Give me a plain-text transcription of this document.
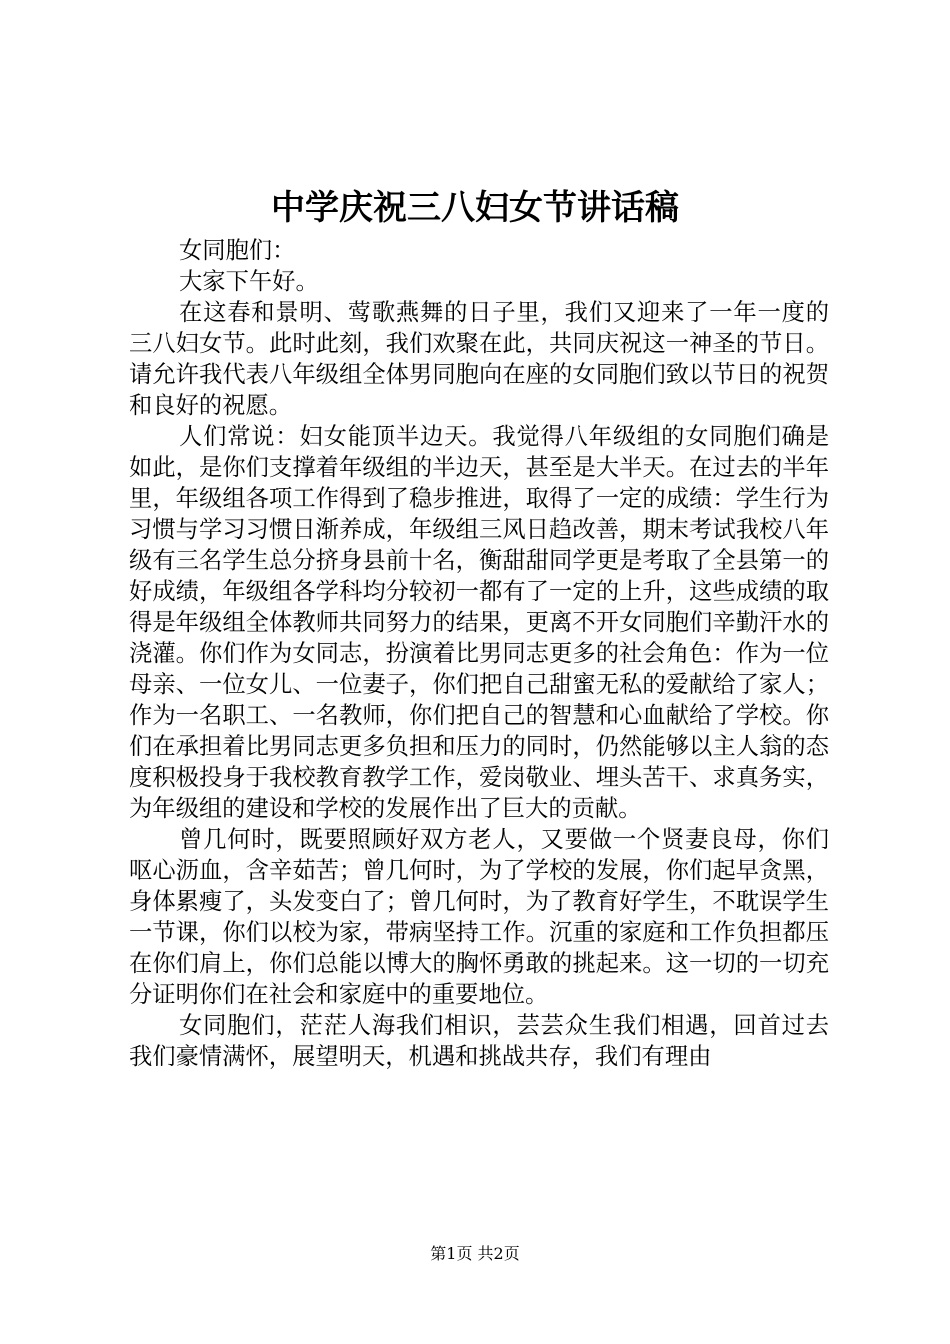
中学庆祝三八妇女节讲话稿

女同胞们：

大家下午好。

在这春和景明、莺歌燕舞的日子里，我们又迎来了一年一度的三八妇女节。此时此刻，我们欢聚在此，共同庆祝这一神圣的节日。请允许我代表八年级组全体男同胞向在座的女同胞们致以节日的祝贺和良好的祝愿。

人们常说：妇女能顶半边天。我觉得八年级组的女同胞们确是如此，是你们支撑着年级组的半边天，甚至是大半天。在过去的半年里，年级组各项工作得到了稳步推进，取得了一定的成绩：学生行为习惯与学习习惯日渐养成，年级组三风日趋改善，期末考试我校八年级有三名学生总分挤身县前十名，衡甜甜同学更是考取了全县第一的好成绩，年级组各学科均分较初一都有了一定的上升，这些成绩的取得是年级组全体教师共同努力的结果，更离不开女同胞们辛勤汗水的浇灌。你们作为女同志，扮演着比男同志更多的社会角色：作为一位母亲、一位女儿、一位妻子，你们把自己甜蜜无私的爱献给了家人；作为一名职工、一名教师，你们把自己的智慧和心血献给了学校。你们在承担着比男同志更多负担和压力的同时，仍然能够以主人翁的态度积极投身于我校教育教学工作，爱岗敬业、埋头苦干、求真务实，为年级组的建设和学校的发展作出了巨大的贡献。

曾几何时，既要照顾好双方老人，又要做一个贤妻良母，你们呕心沥血，含辛茹苦；曾几何时，为了学校的发展，你们起早贪黑，身体累瘦了，头发变白了；曾几何时，为了教育好学生，不耽误学生一节课，你们以校为家，带病坚持工作。沉重的家庭和工作负担都压在你们肩上，你们总能以博大的胸怀勇敢的挑起来。这一切的一切充分证明你们在社会和家庭中的重要地位。

女同胞们，茫茫人海我们相识，芸芸众生我们相遇，回首过去我们豪情满怀，展望明天，机遇和挑战共存，我们有理由

第1页 共2页
